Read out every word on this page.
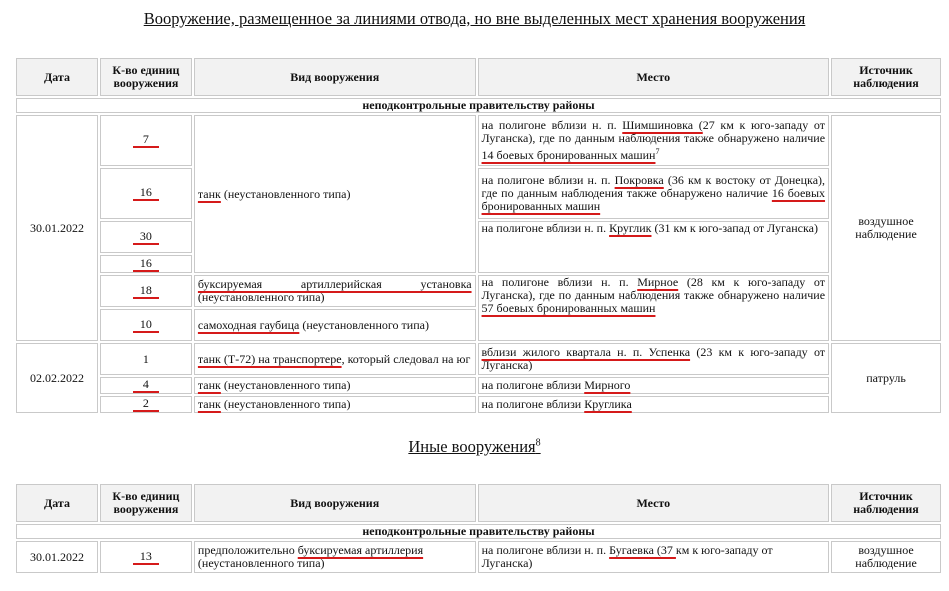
Вооружение, размещенное за линиями отвода, но вне выделенных мест хранения вооружения
Дата	К-во единиц вооружения	Вид вооружения	Место	Источник наблюдения
неподконтрольные правительству районы				
30.01.2022	7	танк (неустановленного типа)	на полигоне вблизи н. п. Шимшиновка (27 км к юго-западу от Луганска), где по данным наблюдения также обнаружено наличие 14 боевых бронированных машин$^7$	воздушное наблюдение
	16		на полигоне вблизи н. п. Покровка (36 км к востоку от Донецка), где по данным наблюдения также обнаружено наличие 16 боевых бронированных машин	
	30		на полигоне вблизи н. п. Круглик (31 км к юго-запад от Луганска)	
	16			
	18	буксируемая артиллерийская установка (неустановленного типа)	на полигоне вблизи н. п. Мирное (28 км к юго-западу от Луганска), где по данным наблюдения также обнаружено наличие 57 боевых бронированных машин	
	10	самоходная гаубица (неустановленного типа)		
02.02.2022	1	танк (Т-72) на транспортере, который следовал на юг	вблизи жилого квартала н. п. Успенка (23 км к юго-западу от Луганска)	патруль
	4	танк (неустановленного типа)	на полигоне вблизи Мирного	
	2	танк (неустановленного типа)	на полигоне вблизи Круглика	
Иные вооружения$^8$
Дата	К-во единиц вооружения	Вид вооружения	Место	Источник наблюдения
неподконтрольные правительству районы				
30.01.2022	13	предположительно буксируемая артиллерия (неустановленного типа)	на полигоне вблизи н. п. Бугаевка (37 км к юго-западу от Луганска)	воздушное наблюдение
